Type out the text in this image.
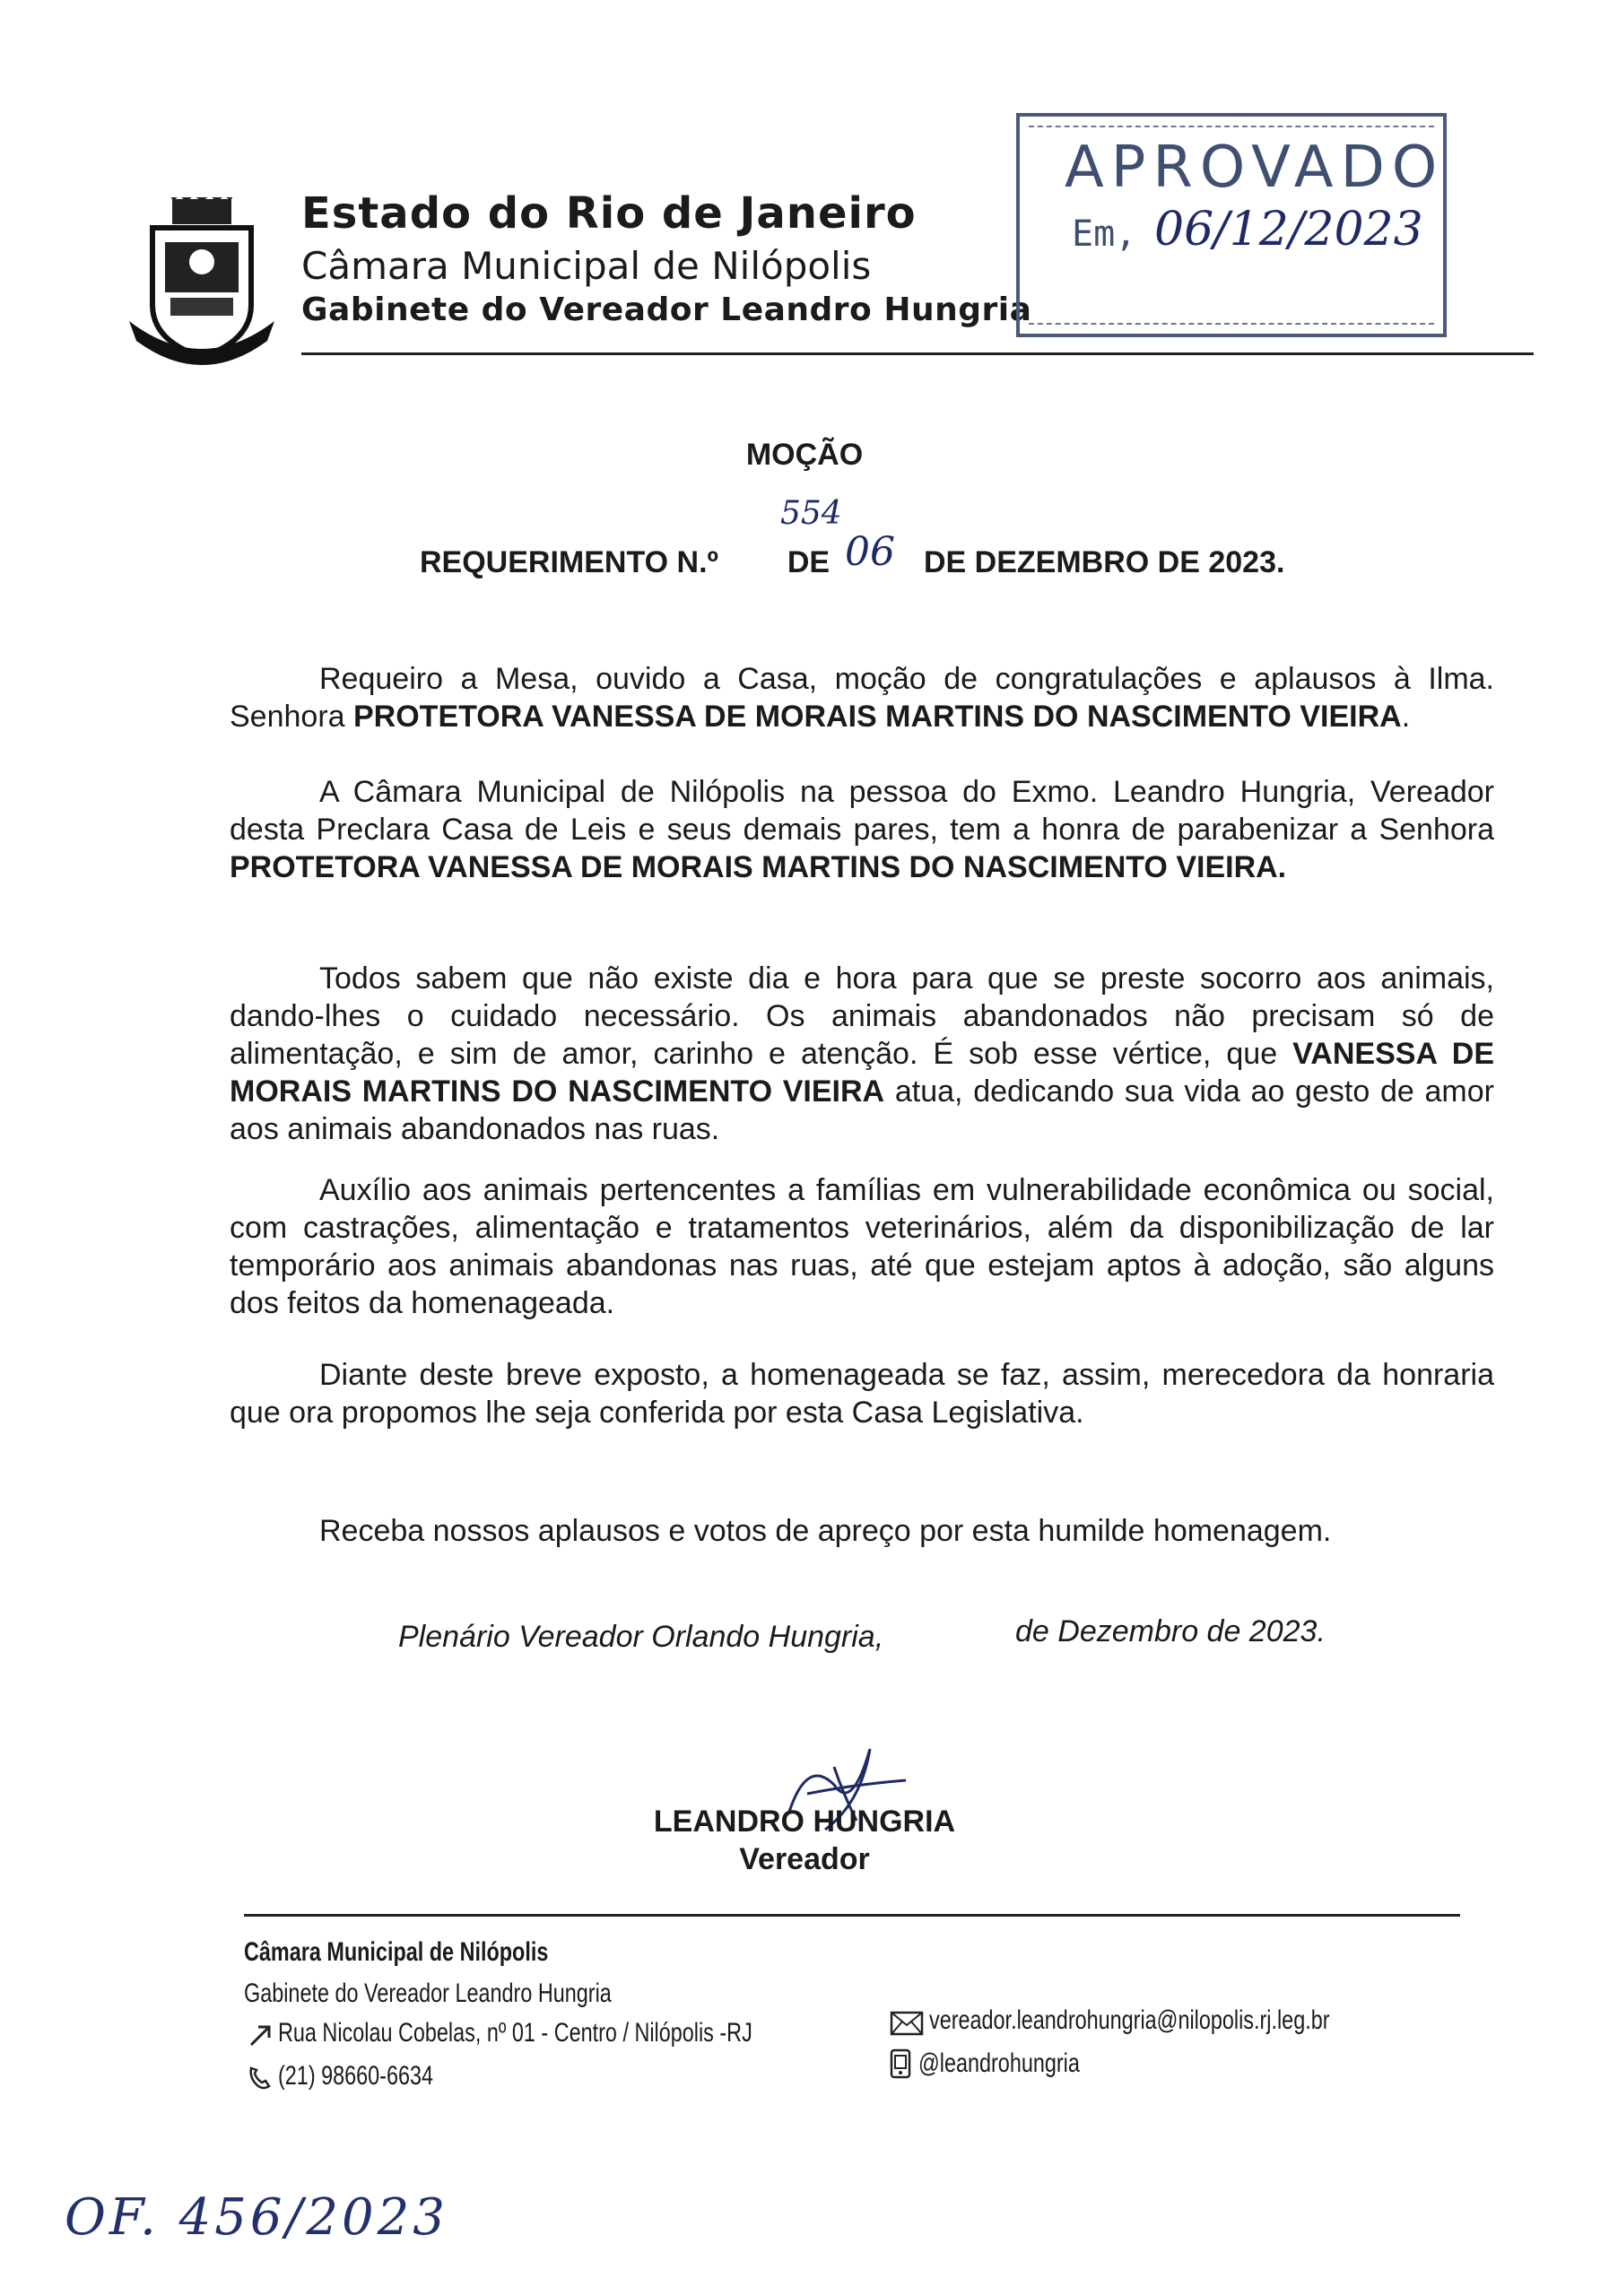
Estado do Rio de Janeiro
Câmara Municipal de Nilópolis
Gabinete do Vereador Leandro Hungria
APROVADO
Em, 06/12/2023
MOÇÃO
REQUERIMENTO N.º DE	DE DEZEMBRO DE 2023.
554
06
Requeiro a Mesa, ouvido a Casa, moção de congratulações e aplausos à Ilma. Senhora PROTETORA VANESSA DE MORAIS MARTINS DO NASCIMENTO VIEIRA.
A Câmara Municipal de Nilópolis na pessoa do Exmo. Leandro Hungria, Vereador desta Preclara Casa de Leis e seus demais pares, tem a honra de parabenizar a Senhora PROTETORA VANESSA DE MORAIS MARTINS DO NASCIMENTO VIEIRA.
Todos sabem que não existe dia e hora para que se preste socorro aos animais, dando-lhes o cuidado necessário. Os animais abandonados não precisam só de alimentação, e sim de amor, carinho e atenção. É sob esse vértice, que VANESSA DE MORAIS MARTINS DO NASCIMENTO VIEIRA atua, dedicando sua vida ao gesto de amor aos animais abandonados nas ruas.
Auxílio aos animais pertencentes a famílias em vulnerabilidade econômica ou social, com castrações, alimentação e tratamentos veterinários, além da disponibilização de lar temporário aos animais abandonas nas ruas, até que estejam aptos à adoção, são alguns dos feitos da homenageada.
Diante deste breve exposto, a homenageada se faz, assim, merecedora da honraria que ora propomos lhe seja conferida por esta Casa Legislativa.
Receba nossos aplausos e votos de apreço por esta humilde homenagem.
Plenário Vereador Orlando Hungria,	de Dezembro de 2023.
LEANDRO HUNGRIA
Vereador
Câmara Municipal de Nilópolis
Gabinete do Vereador Leandro Hungria
Rua Nicolau Cobelas, nº 01 - Centro / Nilópolis -RJ
(21) 98660-6634
vereador.leandrohungria@nilopolis.rj.leg.br
@leandrohungria
OF. 456/2023
